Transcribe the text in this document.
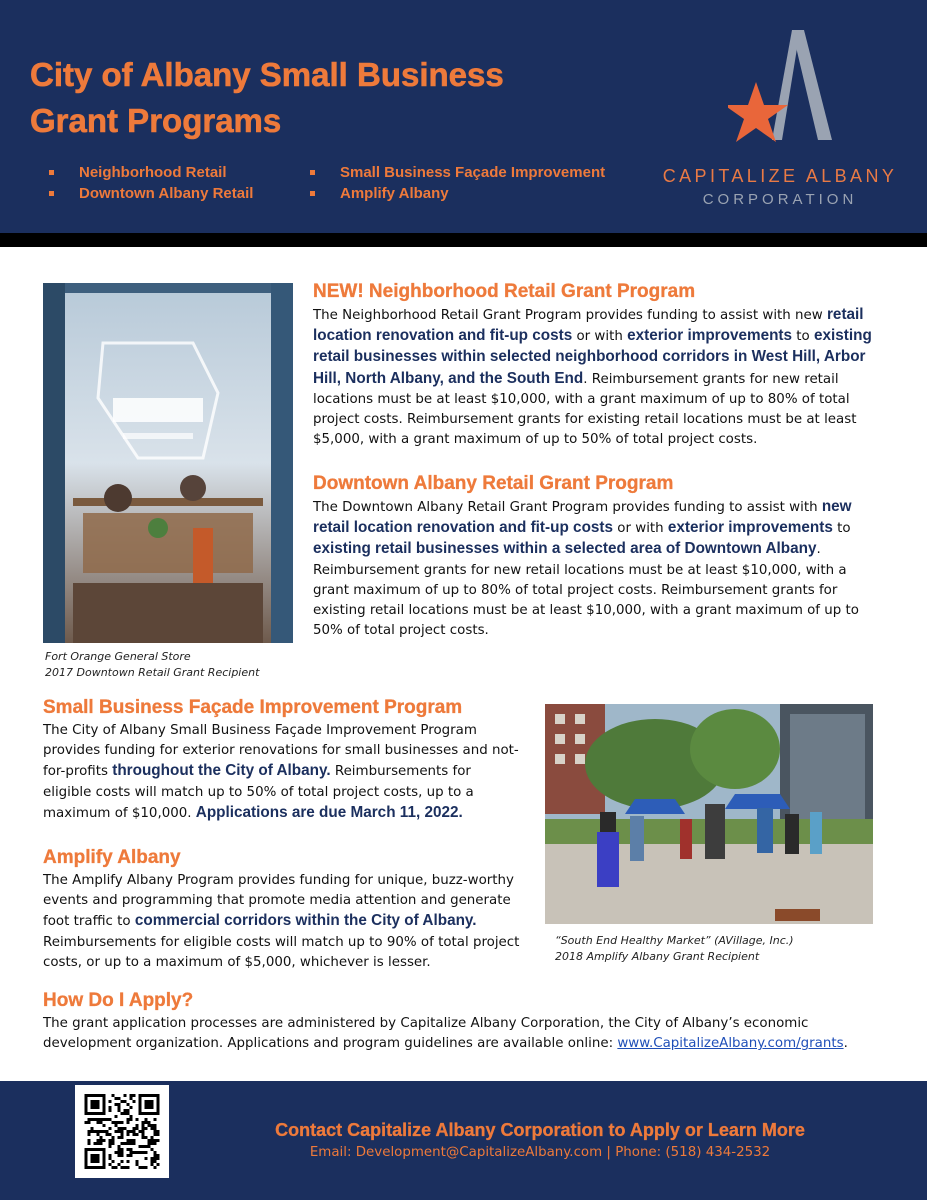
City of Albany Small Business
Grant Programs
Neighborhood Retail
Downtown Albany Retail
Small Business Façade Improvement
Amplify Albany
CAPITALIZE ALBANY
CORPORATION
Fort Orange General Store
2017 Downtown Retail Grant Recipient
NEW! Neighborhood Retail Grant Program

The Neighborhood Retail Grant Program provides funding to assist with new retail location renovation and fit-up costs or with exterior improvements to existing retail businesses within selected neighborhood corridors in West Hill, Arbor Hill, North Albany, and the South End. Reimbursement grants for new retail locations must be at least $10,000, with a grant maximum of up to 80% of total project costs. Reimbursement grants for existing retail locations must be at least $5,000, with a grant maximum of up to 50% of total project costs.

Downtown Albany Retail Grant Program

The Downtown Albany Retail Grant Program provides funding to assist with new retail location renovation and fit-up costs or with exterior improvements to existing retail businesses within a selected area of Downtown Albany. Reimbursement grants for new retail locations must be at least $10,000, with a grant maximum of up to 80% of total project costs. Reimbursement grants for existing retail locations must be at least $10,000, with a grant maximum of up to 50% of total project costs.

Small Business Façade Improvement Program

The City of Albany Small Business Façade Improvement Program provides funding for exterior renovations for small businesses and not-for-profits throughout the City of Albany. Reimbursements for eligible costs will match up to 50% of total project costs, up to a maximum of $10,000. Applications are due March 11, 2022.

“South End Healthy Market” (AVillage, Inc.)
2018 Amplify Albany Grant Recipient
Amplify Albany

The Amplify Albany Program provides funding for unique, buzz-worthy events and programming that promote media attention and generate foot traffic to commercial corridors within the City of Albany. Reimbursements for eligible costs will match up to 90% of total project costs, or up to a maximum of $5,000, whichever is lesser.

How Do I Apply?

The grant application processes are administered by Capitalize Albany Corporation, the City of Albany’s economic development organization. Applications and program guidelines are available online: www.CapitalizeAlbany.com/grants.

Contact Capitalize Albany Corporation to Apply or Learn More
Email: Development@CapitalizeAlbany.com | Phone: (518) 434-2532
